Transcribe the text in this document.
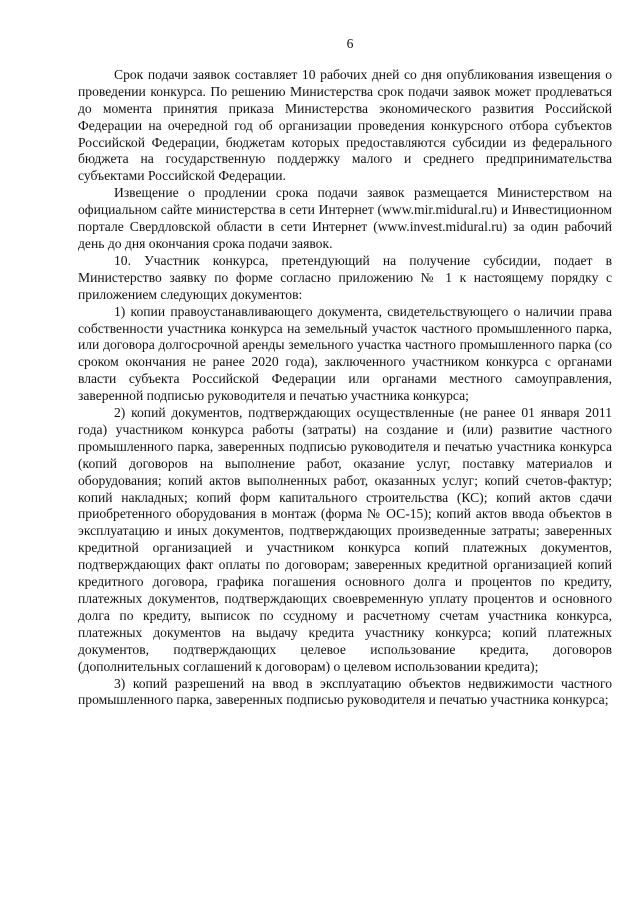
6

Срок подачи заявок составляет 10 рабочих дней со дня опубликования извещения о проведении конкурса. По решению Министерства срок подачи заявок может продлеваться до момента принятия приказа Министерства экономического развития Российской Федерации на очередной год об организации проведения конкурсного отбора субъектов Российской Федерации, бюджетам которых предоставляются субсидии из федерального бюджета на государственную поддержку малого и среднего предпринимательства субъектами Российской Федерации.

Извещение о продлении срока подачи заявок размещается Министерством на официальном сайте министерства в сети Интернет (www.mir.midural.ru) и Инвестиционном портале Свердловской области в сети Интернет (www.invest.midural.ru) за один рабочий день до дня окончания срока подачи заявок.

10. Участник конкурса, претендующий на получение субсидии, подает в Министерство заявку по форме согласно приложению № 1 к настоящему порядку с приложением следующих документов:

1) копии правоустанавливающего документа, свидетельствующего о наличии права собственности участника конкурса на земельный участок частного промышленного парка, или договора долгосрочной аренды земельного участка частного промышленного парка (со сроком окончания не ранее 2020 года), заключенного участником конкурса с органами власти субъекта Российской Федерации или органами местного самоуправления, заверенной подписью руководителя и печатью участника конкурса;

2) копий документов, подтверждающих осуществленные (не ранее 01 января 2011 года) участником конкурса работы (затраты) на создание и (или) развитие частного промышленного парка, заверенных подписью руководителя и печатью участника конкурса (копий договоров на выполнение работ, оказание услуг, поставку материалов и оборудования; копий актов выполненных работ, оказанных услуг; копий счетов-фактур; копий накладных; копий форм капитального строительства (КС); копий актов сдачи приобретенного оборудования в монтаж (форма № ОС-15); копий актов ввода объектов в эксплуатацию и иных документов, подтверждающих произведенные затраты; заверенных кредитной организацией и участником конкурса копий платежных документов, подтверждающих факт оплаты по договорам; заверенных кредитной организацией копий кредитного договора, графика погашения основного долга и процентов по кредиту, платежных документов, подтверждающих своевременную уплату процентов и основного долга по кредиту, выписок по ссудному и расчетному счетам участника конкурса, платежных документов на выдачу кредита участнику конкурса; копий платежных документов, подтверждающих целевое использование кредита, договоров (дополнительных соглашений к договорам) о целевом использовании кредита);

3) копий разрешений на ввод в эксплуатацию объектов недвижимости частного промышленного парка, заверенных подписью руководителя и печатью участника конкурса;
